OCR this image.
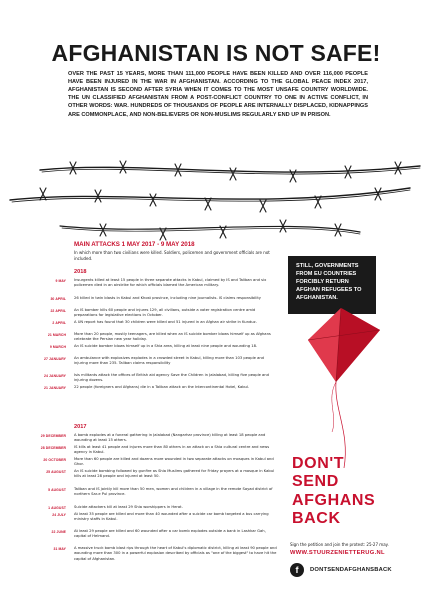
AFGHANISTAN IS NOT SAFE!

OVER THE PAST 15 YEARS, MORE THAN 111,000 PEOPLE HAVE BEEN KILLED AND OVER 116,000 PEOPLE HAVE BEEN INJURED IN THE WAR IN AFGHANISTAN. ACCORDING TO THE GLOBAL PEACE INDEX 2017, AFGHANISTAN IS SECOND AFTER SYRIA WHEN IT COMES TO THE MOST UNSAFE COUNTRY WORLDWIDE. THE UN CLASSIFIED AFGHANISTAN FROM A POST-CONFLICT COUNTRY TO ONE IN ACTIVE CONFLICT, IN OTHER WORDS: WAR. HUNDREDS OF THOUSANDS OF PEOPLE ARE INTERNALLY DISPLACED, KIDNAPPINGS ARE COMMONPLACE, AND NON-BELIEVERS OR NON-MUSLIMS REGULARLY END UP IN PRISON.

MAIN ATTACKS 1 MAY 2017 - 9 MAY 2018
In which more than two civilians were killed. Soldiers, policemen and government officials are not included.
2018
9 MAY Insurgents killed at least 15 people in three separate attacks in Kabul, claimed by IS and Taliban and six policemen died in an airstrike for which officials blamed the American military.
30 APRIL 26 killed in twin blasts in Kabul and Khost province, including nine journalists. IS claims responsibility
22 APRIL An IS bomber kills 60 people and injures 129, all civilians, outside a voter registration centre amid preparations for legislative elections in October.
2 APRIL A UN report has found that 30 children were killed and 51 injured in an Afghan air strike in Kunduz.
21 MARCH More than 20 people, mostly teenagers, are killed when an IS suicide bomber blows himself up as Afghans celebrate the Persian new year holiday.
9 MARCH An IS suicide bomber blows himself up in a Shia area, killing at least nine people and wounding 18.
27 JANUARY An ambulance with explosives explodes in a crowded street in Kabul, killing more than 103 people and injuring more than 235. Taliban claims responsibility
24 JANUARY Isis militants attack the offices of British aid agency Save the Children in Jalalabad, killing five people and injuring dozens.
21 JANUARY 22 people (foreigners and Afghans) die in a Taliban attack on the Intercontinental Hotel, Kabul.
2017
29 DECEMBER A bomb explodes at a funeral gathering in Jalalabad (Nangarhar province) killing at least 18 people and wounding at least 15 others.
28 DECEMBER IS kills at least 41 people and injures more than 80 others in an attack on a Shia cultural centre and news agency in Kabul.
20 OCTOBER More than 60 people are killed and dozens more wounded in two separate attacks on mosques in Kabul and Ghor.
25 AUGUST An IS suicide bombing followed by gunfire as Shia Muslims gathered for Friday prayers at a mosque in Kabul kills at least 28 people and injured at least 50.
5 AUGUST Taliban and IS jointly kill more than 50 men, women and children in a village in the remote Sayad district of northern Sar-e Pul province.
1 AUGUST Suicide attackers kill at least 29 Shia worshippers in Herat.
24 JULY At least 35 people are killed and more than 40 wounded after a suicide car bomb targeted a bus carrying ministry staffs in Kabul.
22 JUNE At least 29 people are killed and 60 wounded after a car bomb explodes outside a bank in Lashkar Gah, capital of Helmand.
31 MAY A massive truck bomb blast rips through the heart of Kabul's diplomatic district, killing at least 90 people and wounding more than 300 in a powerful explosion described by officials as "one of the biggest" to have hit the capital of Afghanistan.

STILL, GOVERNMENTS FROM EU COUNTRIES FORCIBLY RETURN AFGHAN REFUGEES TO AFGHANISTAN.

DON'T
SEND
AFGHANS
BACK
Sign the petition and join the protest: 25-27 may.
WWW.STUURZENIETTERUG.NL
f	DONTSENDAFGHANSBACK
